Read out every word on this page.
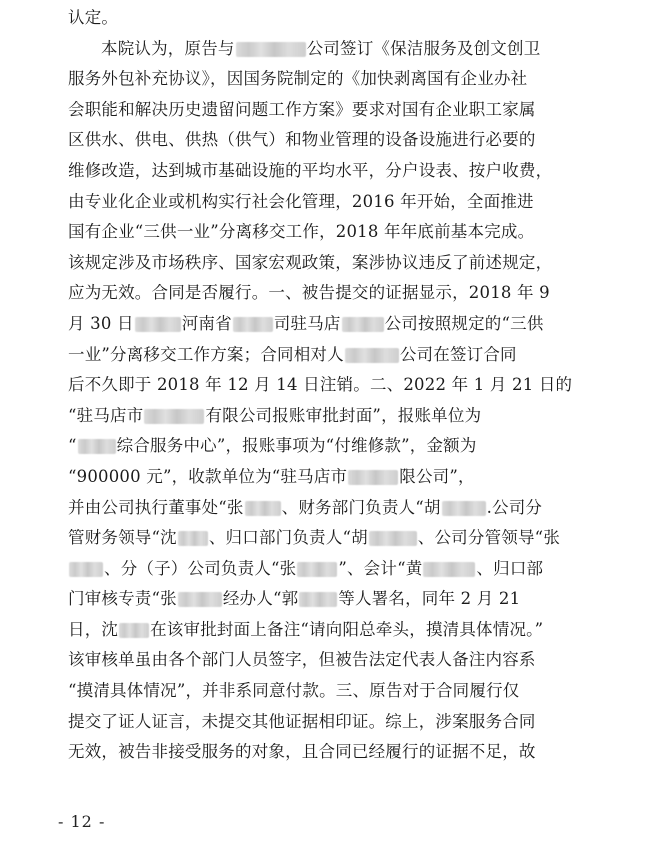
认定。
本院认为，原告与	公司签订《保洁服务及创文创卫
服务外包补充协议》，因国务院制定的《加快剥离国有企业办社
会职能和解决历史遗留问题工作方案》要求对国有企业职工家属
区供水、供电、供热（供气）和物业管理的设备设施进行必要的
维修改造，达到城市基础设施的平均水平，分户设表、按户收费，
由专业化企业或机构实行社会化管理，2016 年开始，全面推进
国有企业“三供一业”分离移交工作，2018 年年底前基本完成。
该规定涉及市场秩序、国家宏观政策，案涉协议违反了前述规定，
应为无效。合同是否履行。一、被告提交的证据显示，2018 年 9
月 30 日	河南省	司驻马店	公司按照规定的“三供
一业”分离移交工作方案；合同相对人	公司在签订合同
后不久即于 2018 年 12 月 14 日注销。二、2022 年 1 月 21 日的
“驻马店市	有限公司报账审批封面”，报账单位为
“ 综合服务中心”，报账事项为“付维修款”，金额为
“900000 元”，收款单位为“驻马店市	限公司”，
并由公司执行董事处“张 、财务部门负责人“胡	.公司分
管财务领导“沈 、归口部门负责人“胡	、公司分管领导“张
、分（子）公司负责人“张	”、会计“黄	、归口部
门审核专责“张	经办人“郭 等人署名，同年 2 月 21
日，沈 在该审批封面上备注“请向阳总牵头，摸清具体情况。”
该审核单虽由各个部门人员签字，但被告法定代表人备注内容系
“摸清具体情况”，并非系同意付款。三、原告对于合同履行仅
提交了证人证言，未提交其他证据相印证。综上，涉案服务合同
无效，被告非接受服务的对象，且合同已经履行的证据不足，故
- 12 -
